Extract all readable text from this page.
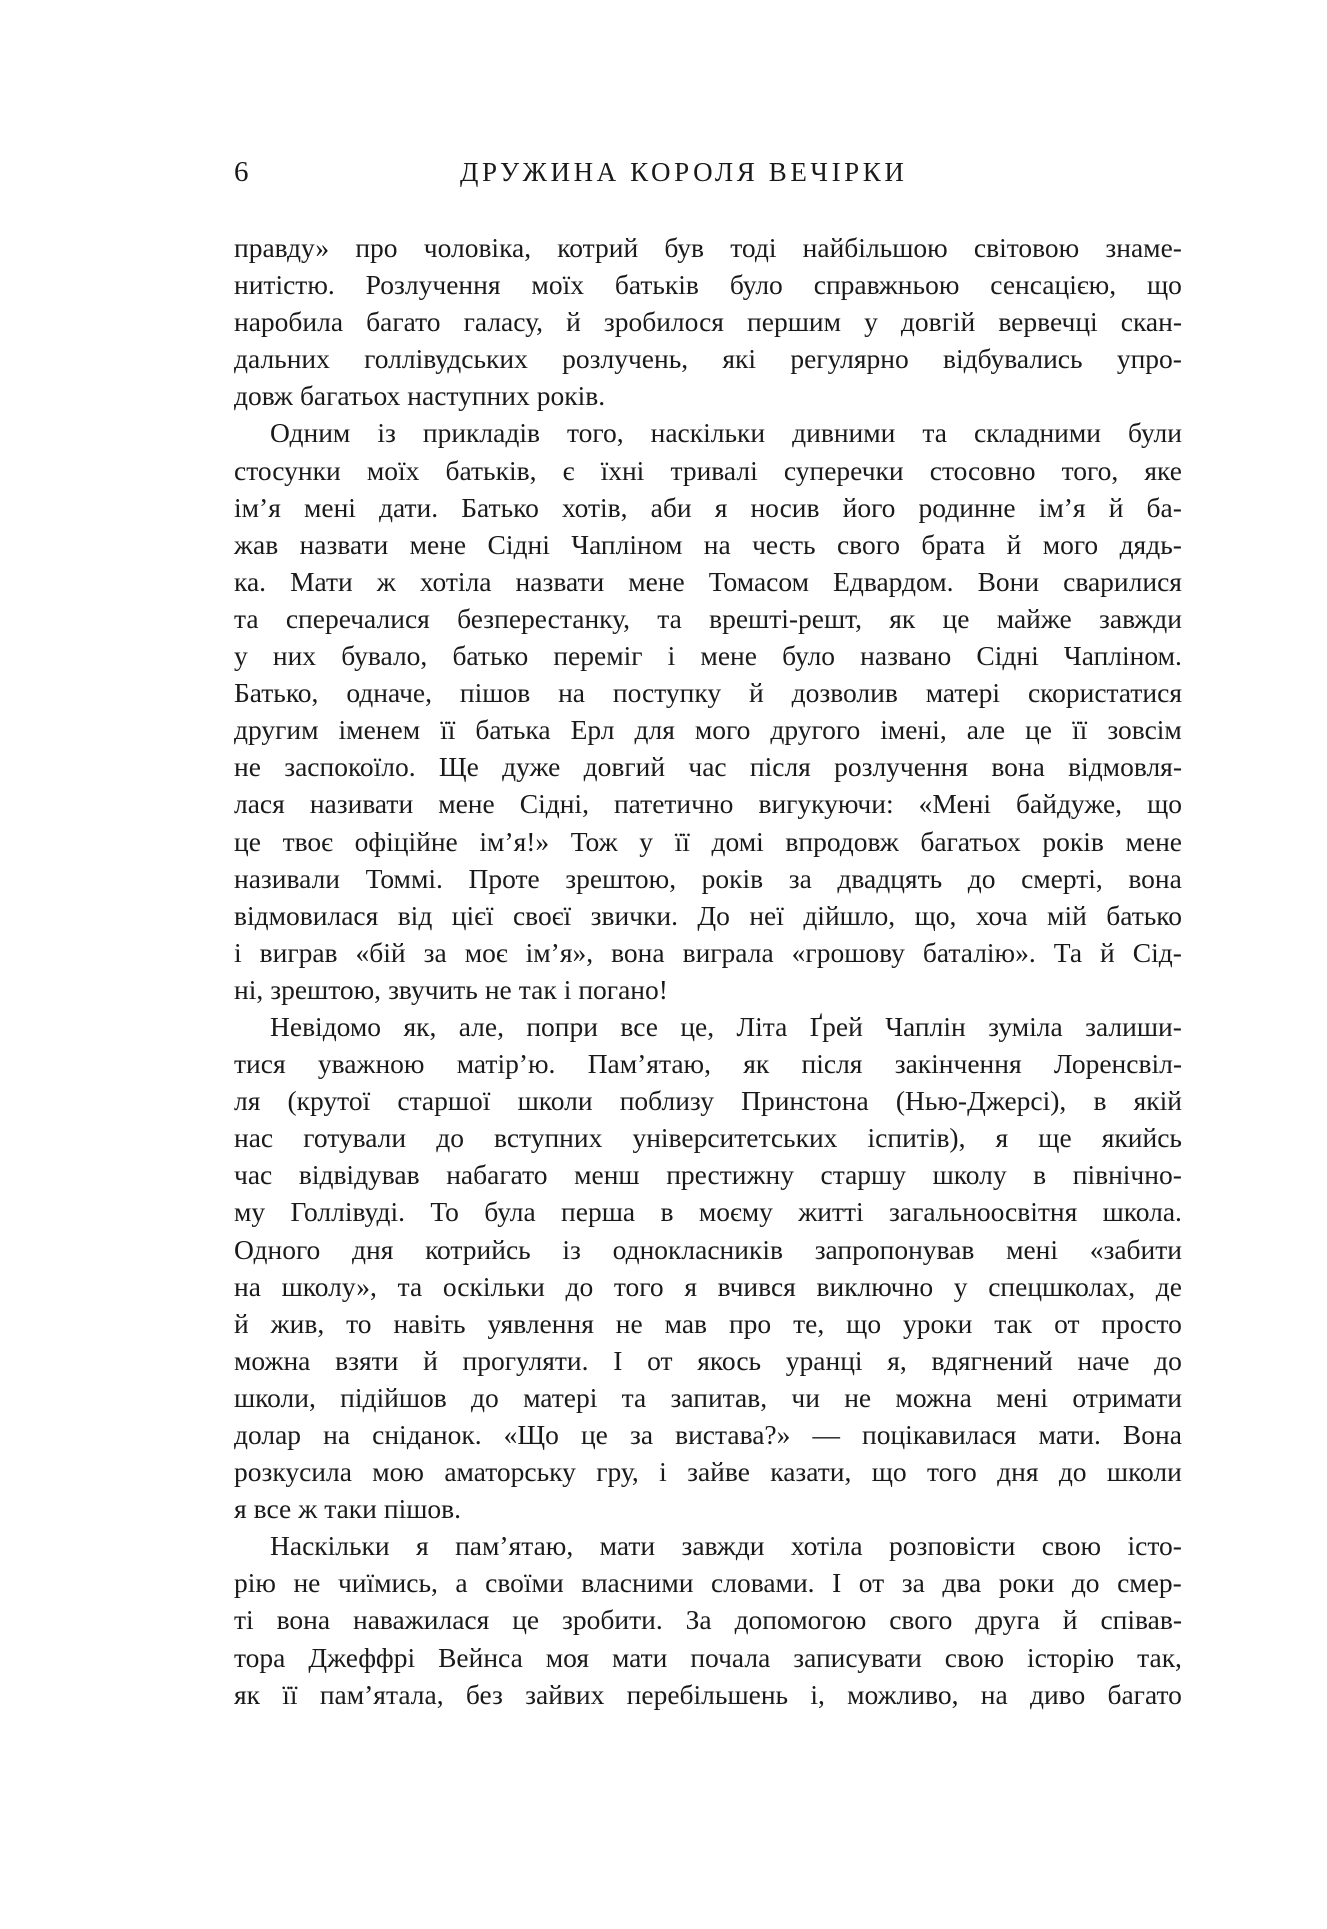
6	ДРУЖИНА КОРОЛЯ ВЕЧІРКИ
правду» про чоловіка, котрий був тоді найбільшою світовою знаме-
нитістю. Розлучення моїх батьків було справжньою сенсацією, що
наробила багато галасу, й зробилося першим у довгій вервечці скан-
дальних голлівудських розлучень, які регулярно відбувались упро-
довж багатьох наступних років.
Одним із прикладів того, наскільки дивними та складними були
стосунки моїх батьків, є їхні тривалі суперечки стосовно того, яке
ім’я мені дати. Батько хотів, аби я носив його родинне ім’я й ба-
жав назвати мене Сідні Чапліном на честь свого брата й мого дядь-
ка. Мати ж хотіла назвати мене Томасом Едвардом. Вони сварилися
та сперечалися безперестанку, та врешті-решт, як це майже завжди
у них бувало, батько переміг і мене було названо Сідні Чапліном.
Батько, одначе, пішов на поступку й дозволив матері скористатися
другим іменем її батька Ерл для мого другого імені, але це її зовсім
не заспокоїло. Ще дуже довгий час після розлучення вона відмовля-
лася називати мене Сідні, патетично вигукуючи: «Мені байдуже, що
це твоє офіційне ім’я!» Тож у її домі впродовж багатьох років мене
називали Томмі. Проте зрештою, років за двадцять до смерті, вона
відмовилася від цієї своєї звички. До неї дійшло, що, хоча мій батько
і виграв «бій за моє ім’я», вона виграла «грошову баталію». Та й Сід-
ні, зрештою, звучить не так і погано!
Невідомо як, але, попри все це, Літа Ґрей Чаплін зуміла залиши-
тися уважною матір’ю. Пам’ятаю, як після закінчення Лоренсвіл-
ля (крутої старшої школи поблизу Принстона (Нью-Джерсі), в якій
нас готували до вступних університетських іспитів), я ще якийсь
час відвідував набагато менш престижну старшу школу в північно-
му Голлівуді. То була перша в моєму житті загальноосвітня школа.
Одного дня котрийсь із однокласників запропонував мені «забити
на школу», та оскільки до того я вчився виключно у спецшколах, де
й жив, то навіть уявлення не мав про те, що уроки так от просто
можна взяти й прогуляти. І от якось уранці я, вдягнений наче до
школи, підійшов до матері та запитав, чи не можна мені отримати
долар на сніданок. «Що це за вистава?» — поцікавилася мати. Вона
розкусила мою аматорську гру, і зайве казати, що того дня до школи
я все ж таки пішов.
Наскільки я пам’ятаю, мати завжди хотіла розповісти свою істо-
рію не чиїмись, а своїми власними словами. І от за два роки до смер-
ті вона наважилася це зробити. За допомогою свого друга й співав-
тора Джеффрі Вейнса моя мати почала записувати свою історію так,
як її пам’ятала, без зайвих перебільшень і, можливо, на диво багато
